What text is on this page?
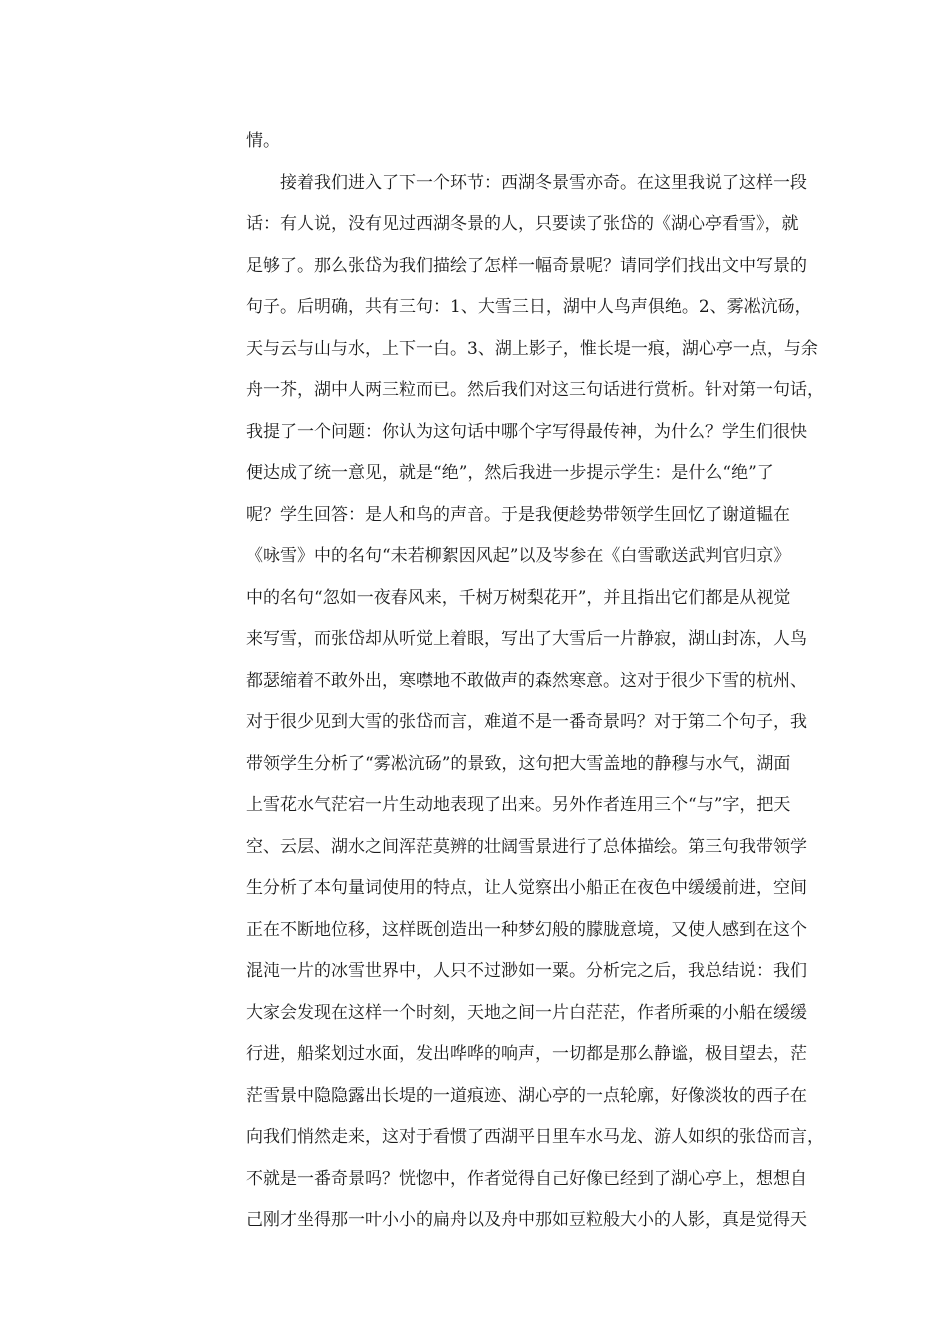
情。
接着我们进入了下一个环节：西湖冬景雪亦奇。在这里我说了这样一段
话：有人说，没有见过西湖冬景的人，只要读了张岱的《湖心亭看雪》，就
足够了。那么张岱为我们描绘了怎样一幅奇景呢？请同学们找出文中写景的
句子。后明确，共有三句：1、大雪三日，湖中人鸟声俱绝。2、雾凇沆砀，
天与云与山与水，上下一白。3、湖上影子，惟长堤一痕，湖心亭一点，与余
舟一芥，湖中人两三粒而已。然后我们对这三句话进行赏析。针对第一句话，
我提了一个问题：你认为这句话中哪个字写得最传神，为什么？学生们很快
便达成了统一意见，就是“绝”，然后我进一步提示学生：是什么“绝”了
呢？学生回答：是人和鸟的声音。于是我便趁势带领学生回忆了谢道韫在
《咏雪》中的名句“未若柳絮因风起”以及岑参在《白雪歌送武判官归京》
中的名句“忽如一夜春风来，千树万树梨花开”，并且指出它们都是从视觉
来写雪，而张岱却从听觉上着眼，写出了大雪后一片静寂，湖山封冻，人鸟
都瑟缩着不敢外出，寒噤地不敢做声的森然寒意。这对于很少下雪的杭州、
对于很少见到大雪的张岱而言，难道不是一番奇景吗？对于第二个句子，我
带领学生分析了“雾凇沆砀”的景致，这句把大雪盖地的静穆与水气，湖面
上雪花水气茫宕一片生动地表现了出来。另外作者连用三个“与”字，把天
空、云层、湖水之间浑茫莫辨的壮阔雪景进行了总体描绘。第三句我带领学
生分析了本句量词使用的特点，让人觉察出小船正在夜色中缓缓前进，空间
正在不断地位移，这样既创造出一种梦幻般的朦胧意境，又使人感到在这个
混沌一片的冰雪世界中，人只不过渺如一粟。分析完之后，我总结说：我们
大家会发现在这样一个时刻，天地之间一片白茫茫，作者所乘的小船在缓缓
行进，船桨划过水面，发出哗哗的响声，一切都是那么静谧，极目望去，茫
茫雪景中隐隐露出长堤的一道痕迹、湖心亭的一点轮廓，好像淡妆的西子在
向我们悄然走来，这对于看惯了西湖平日里车水马龙、游人如织的张岱而言，
不就是一番奇景吗？恍惚中，作者觉得自己好像已经到了湖心亭上，想想自
己刚才坐得那一叶小小的扁舟以及舟中那如豆粒般大小的人影，真是觉得天
